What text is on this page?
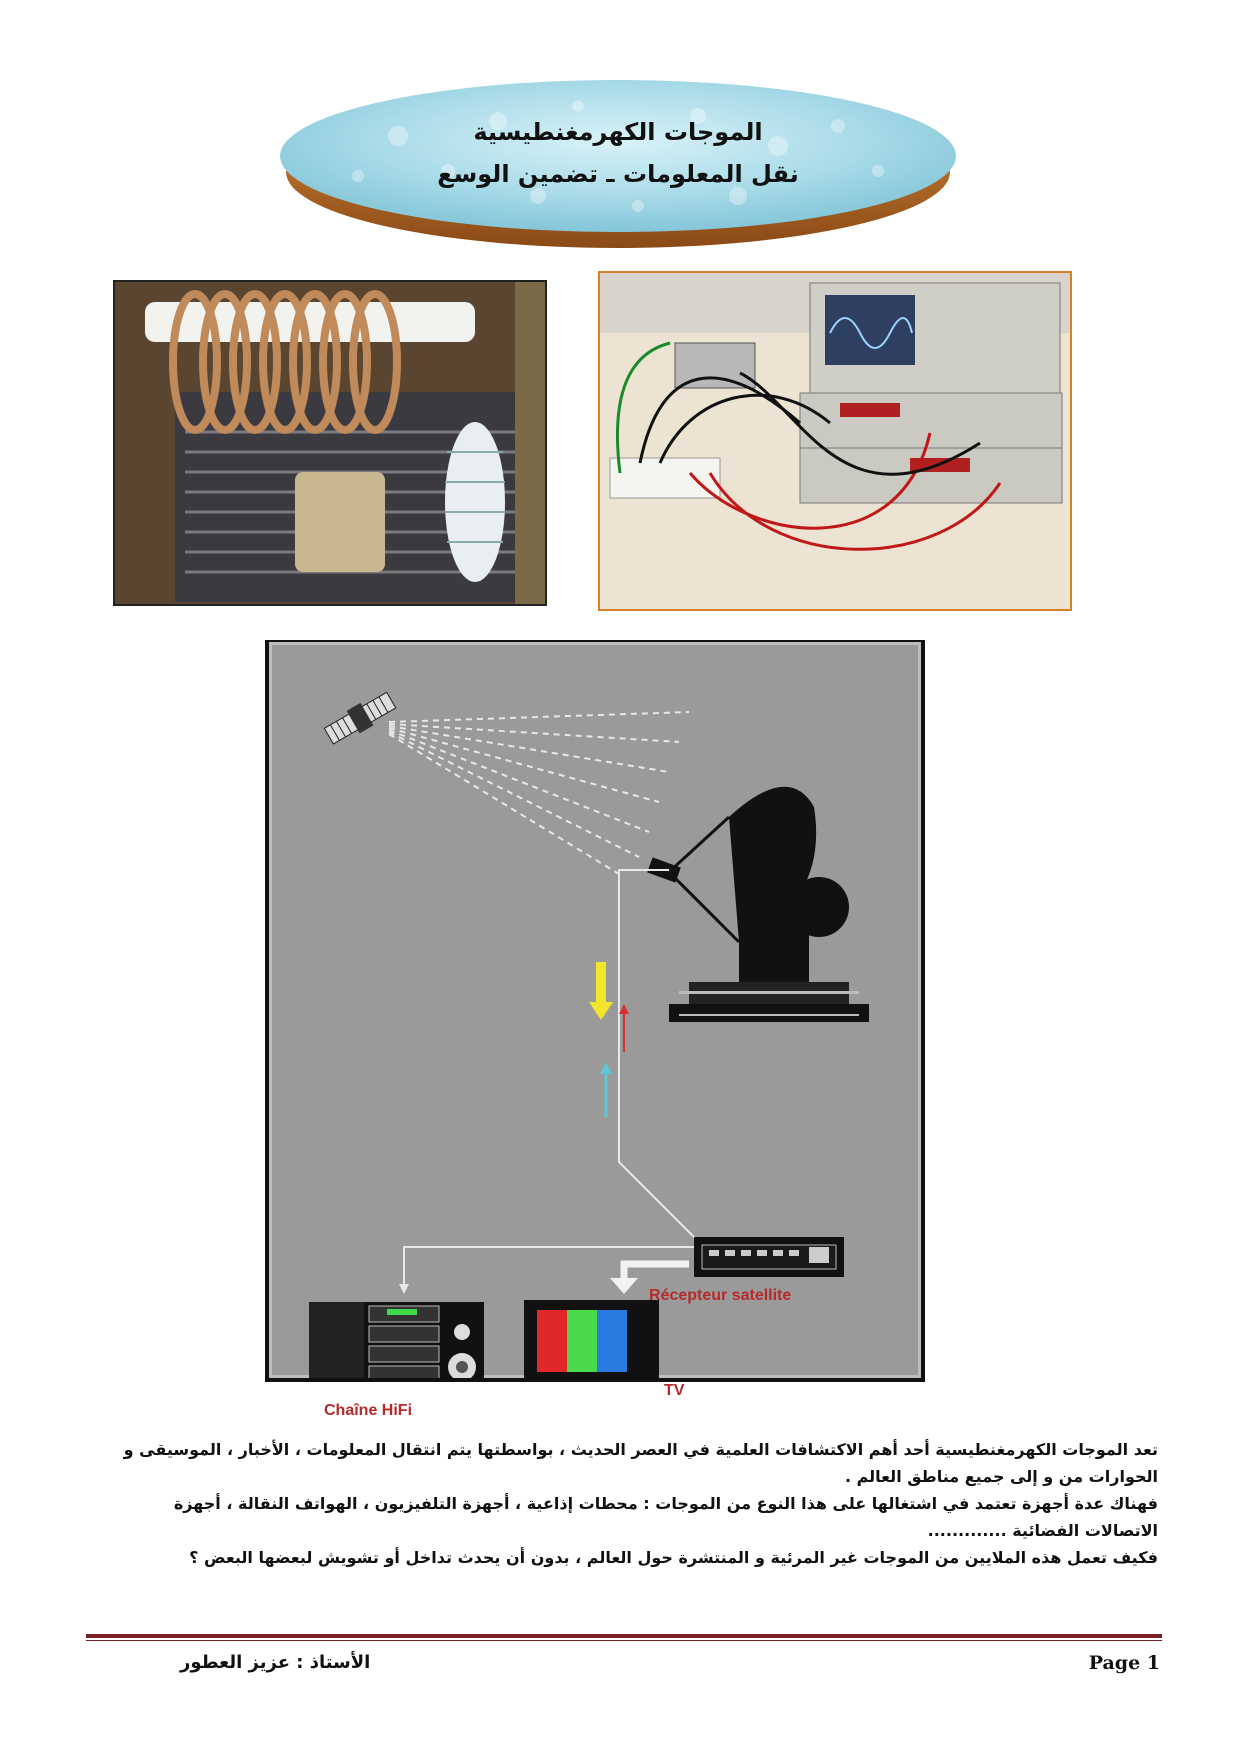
الموجات الكهرمغنطيسية
نقل المعلومات ـ تضمين الوسع
Récepteur satellite
Chaîne HiFi
TV

تعد الموجات الكهرمغنطيسية أحد أهم الاكتشافات العلمية في العصر الحديث ، بواسطتها يتم انتقال المعلومات ، الأخبار ، الموسيقى و الحوارات من و إلى جميع مناطق العالم .

فهناك عدة أجهزة تعتمد في اشتغالها على هذا النوع من الموجات : محطات إذاعية ، أجهزة التلفيزيون ، الهواتف النقالة ، أجهزة الاتصالات الفضائية .............

فكيف تعمل هذه الملايين من الموجات غير المرئية و المنتشرة حول العالم ، بدون أن يحدث تداخل أو تشويش لبعضها البعض ؟

الأستاذ : عزيز العطور	Page 1
